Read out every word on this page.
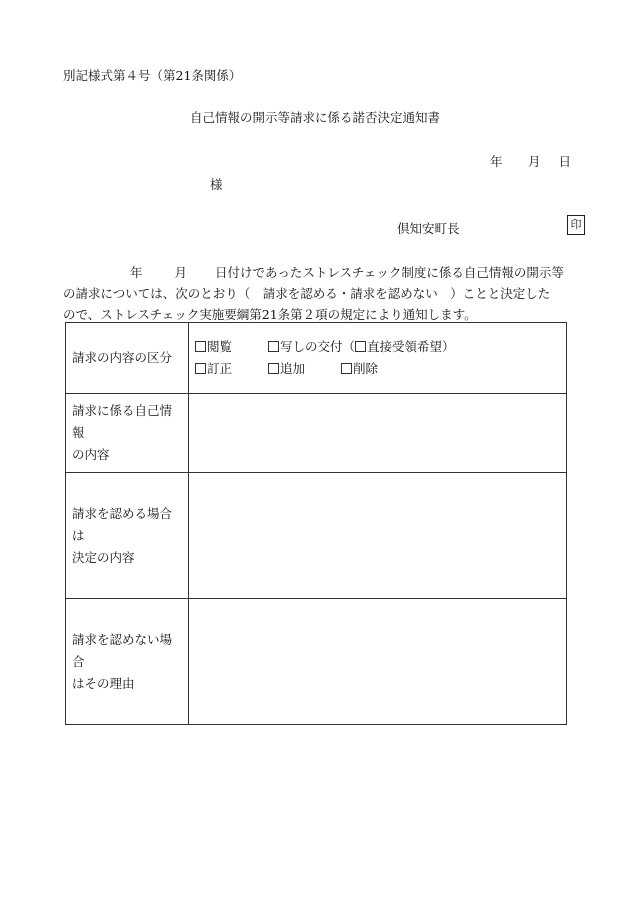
別記様式第４号（第21条関係）
自己情報の開示等請求に係る諾否決定通知書
年	月 日
様
倶知安町長	印
年	月 日付けであったストレスチェック制度に係る自己情報の開示等
の請求については、次のとおり（　請求を認める・請求を認めない　）ことと決定した
ので、ストレスチェック実施要綱第21条第２項の規定により通知します。
請求の内容の区分	閲覧 写しの交付（ 直接受領希望）
訂正 追加 削除

請求に係る自己情報
の内容	

請求を認める場合は
決定の内容	

請求を認めない場合
はその理由	
